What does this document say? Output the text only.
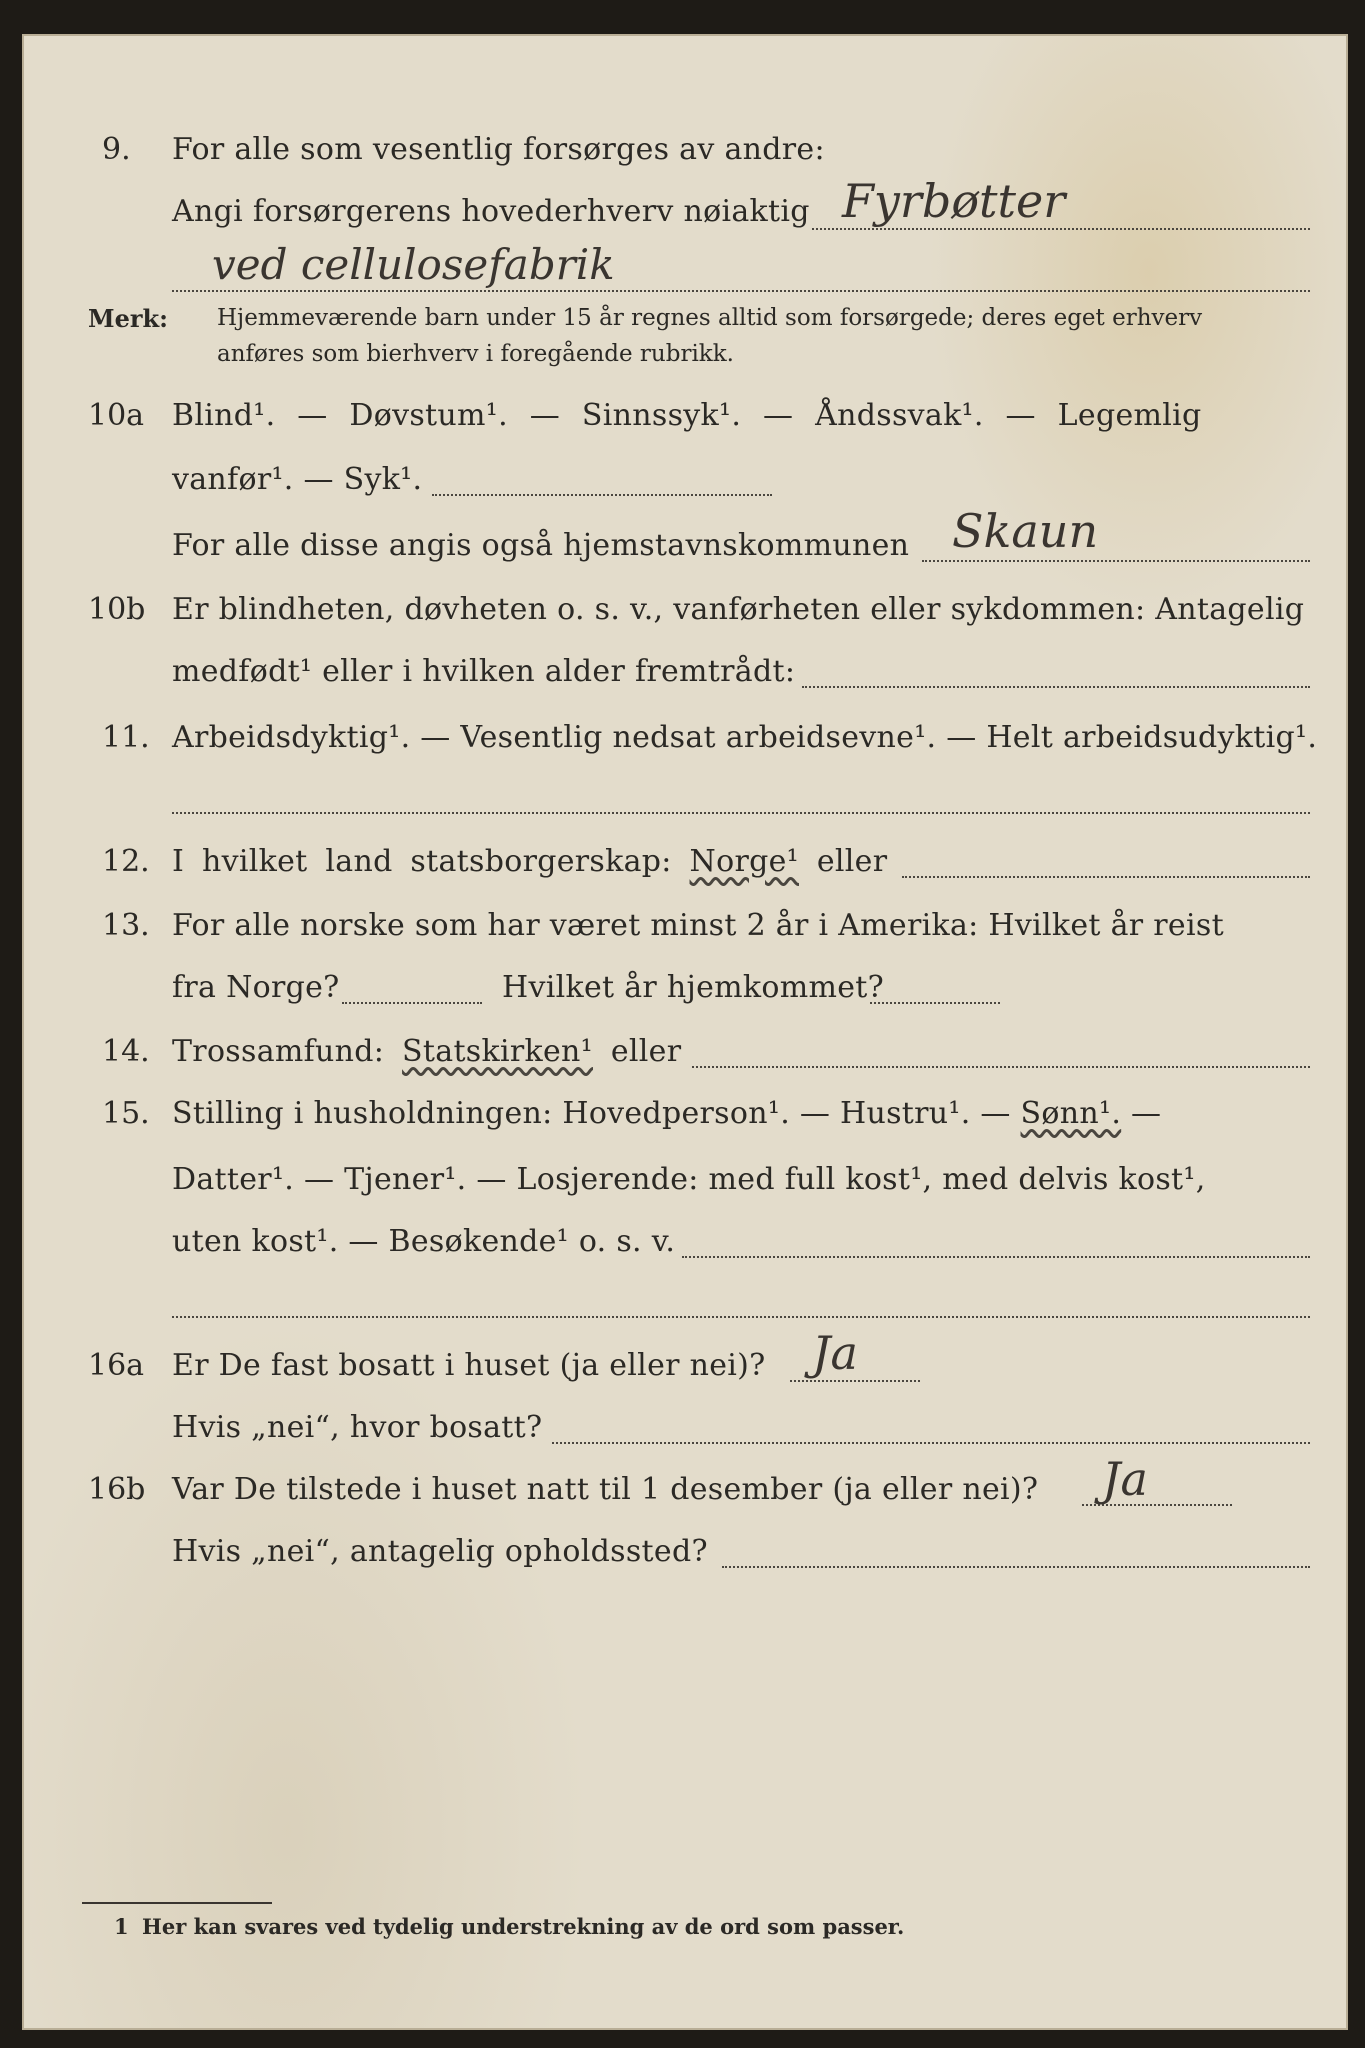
9. For alle som vesentlig forsørges av andre:
Angi forsørgerens hovederhverv nøiaktig Fyrbøtter
ved cellulosefabrik
Merk: Hjemmeværende barn under 15 år regnes alltid som forsørgede; deres eget erhverv
anføres som bierhverv i foregående rubrikk.
10a Blind¹. — Døvstum¹. — Sinnssyk¹. — Åndssvak¹. — Legemlig
vanfør¹. — Syk¹.
For alle disse angis også hjemstavnskommunen Skaun
10b Er blindheten, døvheten o. s. v., vanførheten eller sykdommen: Antagelig
medfødt¹ eller i hvilken alder fremtrådt:
11. Arbeidsdyktig¹. — Vesentlig nedsat arbeidsevne¹. — Helt arbeidsudyktig¹.
12. I hvilket land statsborgerskap: Norge¹ eller
13. For alle norske som har været minst 2 år i Amerika: Hvilket år reist
fra Norge?	Hvilket år hjemkommet?
14. Trossamfund: Statskirken¹ eller
15. Stilling i husholdningen: Hovedperson¹. — Hustru¹. — Sønn¹. —
Datter¹. — Tjener¹. — Losjerende: med full kost¹, med delvis kost¹,
uten kost¹. — Besøkende¹ o. s. v.
16a Er De fast bosatt i huset (ja eller nei)? Ja
Hvis „nei“, hvor bosatt?
16b Var De tilstede i huset natt til 1 desember (ja eller nei)? Ja
Hvis „nei“, antagelig opholdssted?
1 Her kan svares ved tydelig understrekning av de ord som passer.
